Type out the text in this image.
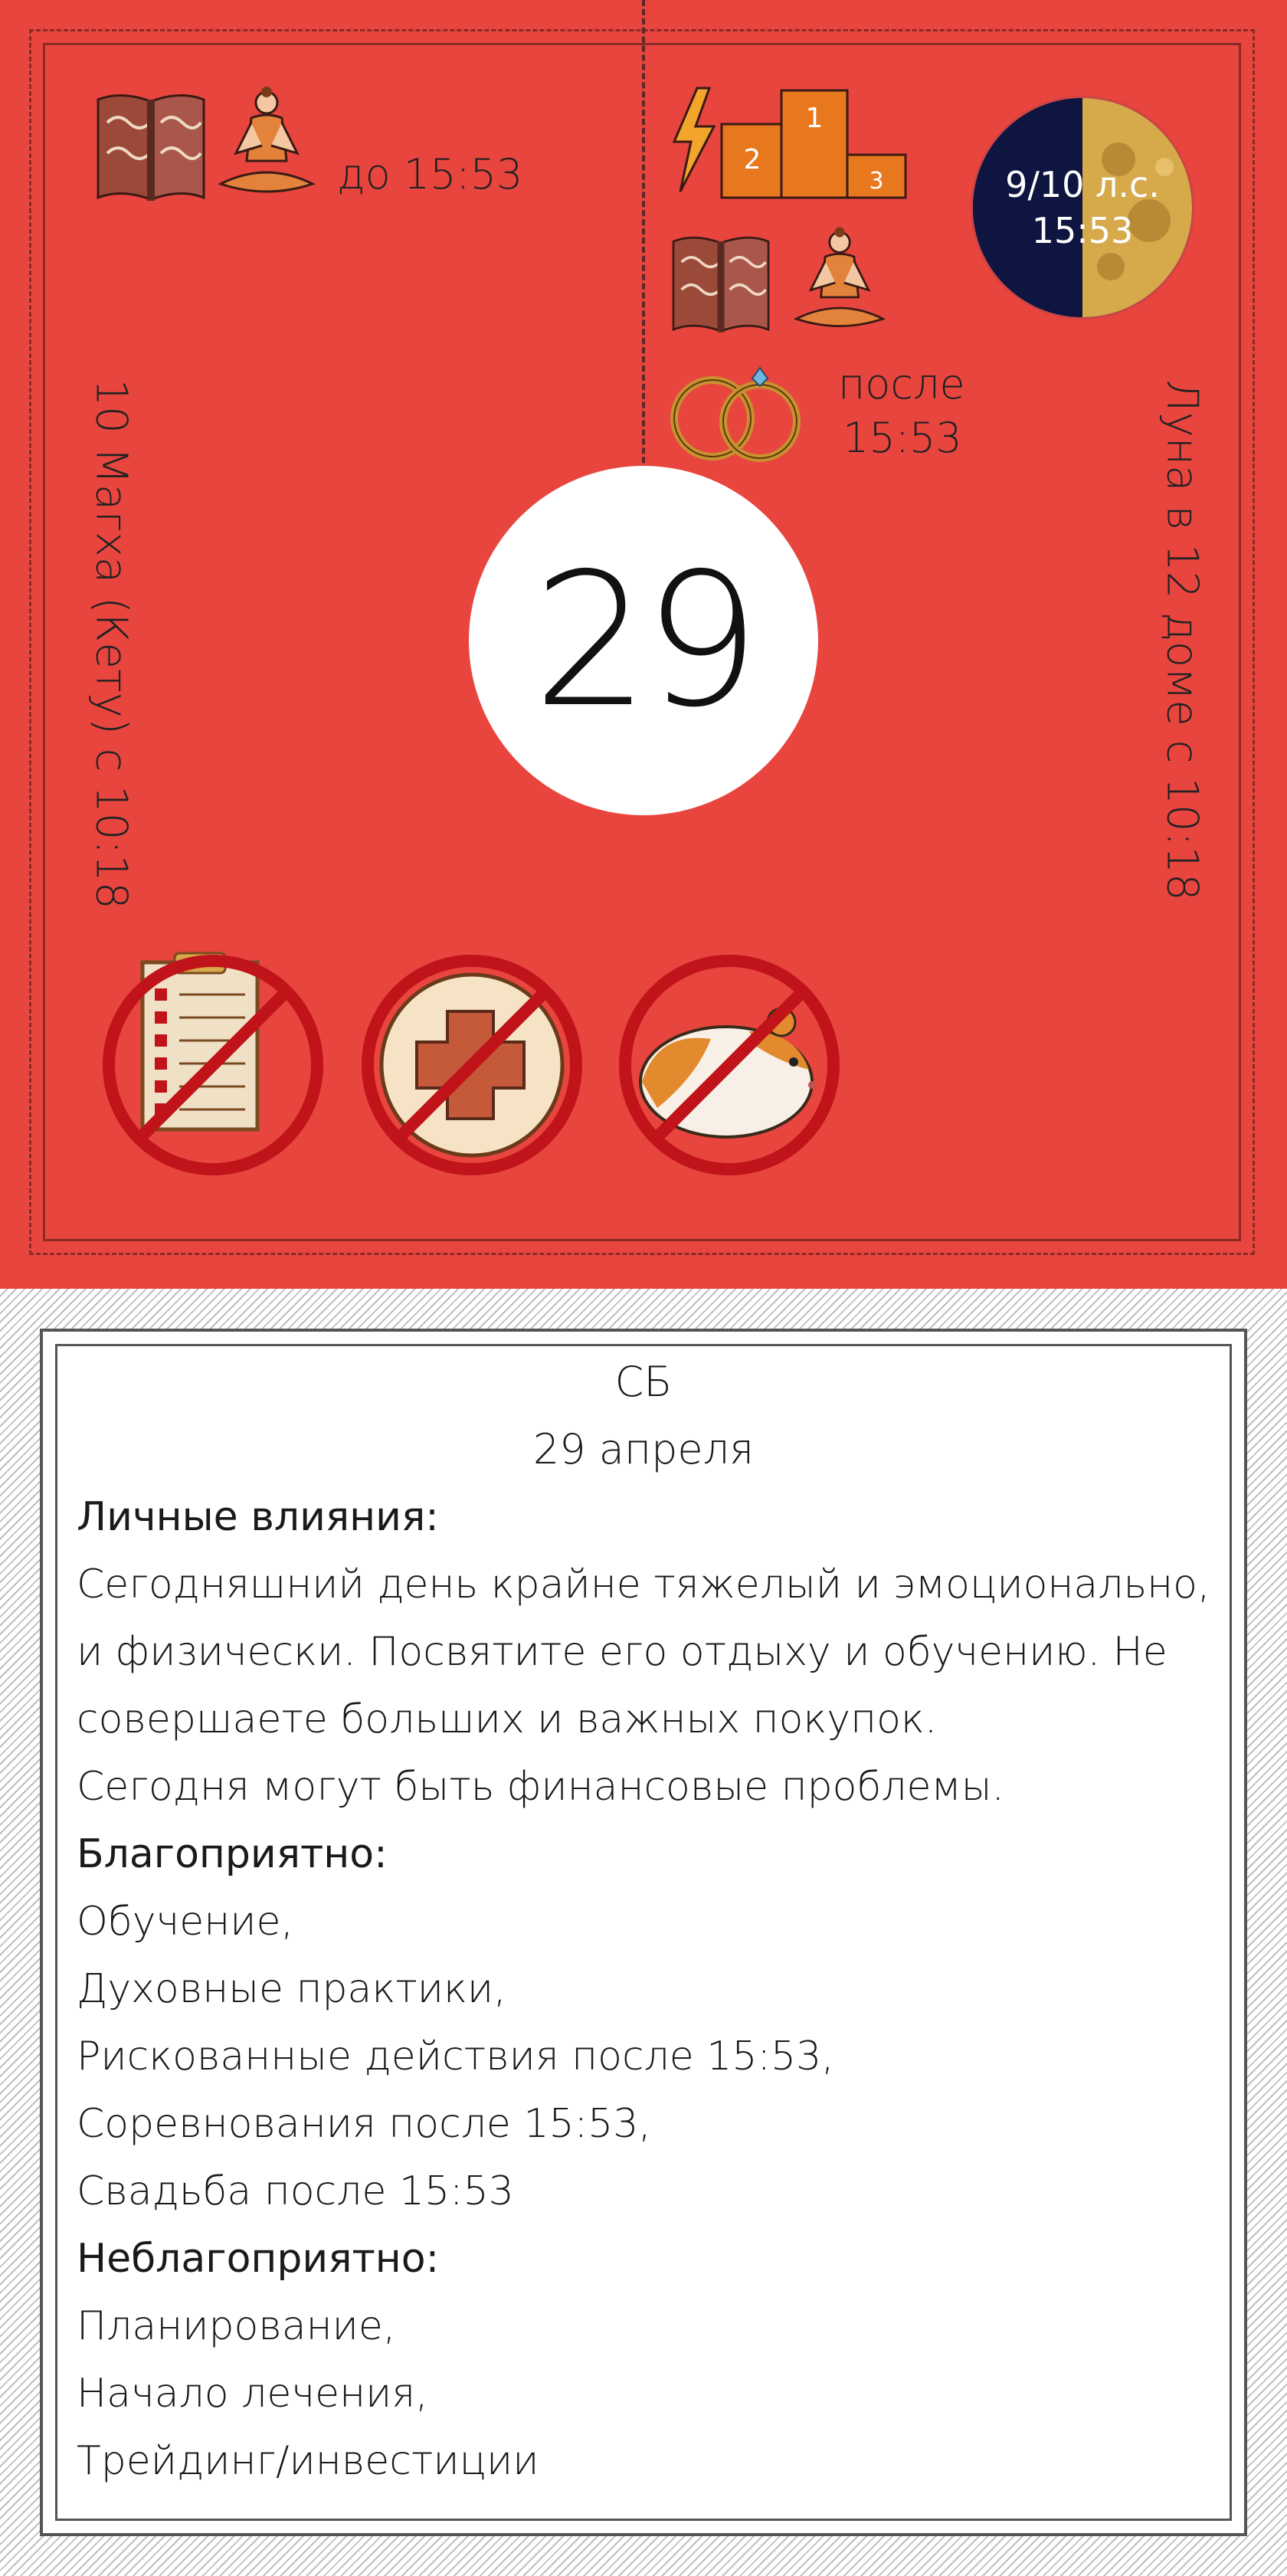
до 15:53
1
2
3
после
15:53
9/10 л.с.
15:53
10 Магха (Кету) с 10:18	Луна в 12 доме с 10:18
29
СБ
29 апреля
Личные влияния:
Сегодняшний день крайне тяжелый и эмоционально,
и физически. Посвятите его отдыху и обучению. Не
совершаете больших и важных покупок.
Сегодня могут быть финансовые проблемы.
Благоприятно:
Обучение,
Духовные практики,
Рискованные действия после 15:53,
Соревнования после 15:53,
Свадьба после 15:53
Неблагоприятно:
Планирование,
Начало лечения,
Трейдинг/инвестиции
